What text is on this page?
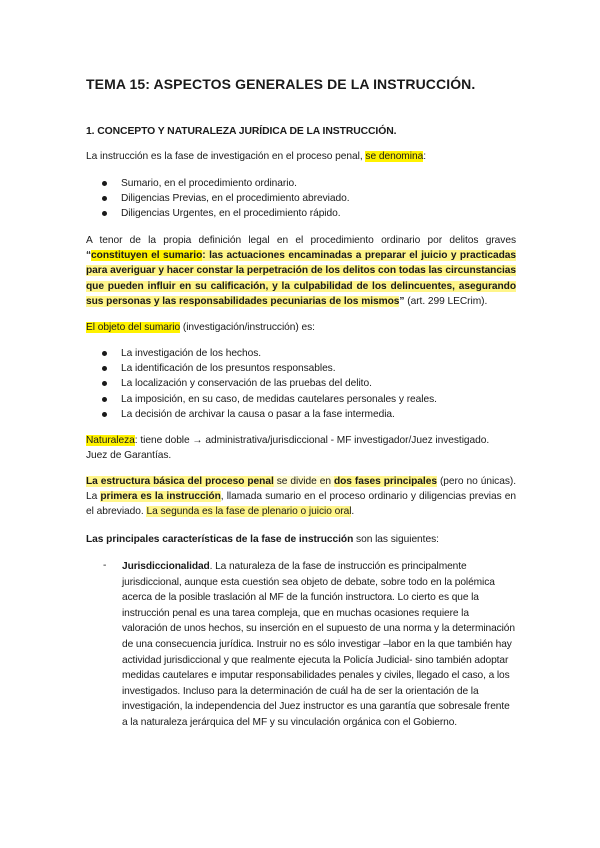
TEMA 15: ASPECTOS GENERALES DE LA INSTRUCCIÓN.
1. CONCEPTO Y NATURALEZA JURÍDICA DE LA INSTRUCCIÓN.
La instrucción es la fase de investigación en el proceso penal, se denomina:
Sumario, en el procedimiento ordinario.
Diligencias Previas, en el procedimiento abreviado.
Diligencias Urgentes, en el procedimiento rápido.
A tenor de la propia definición legal en el procedimiento ordinario por delitos graves “constituyen el sumario: las actuaciones encaminadas a preparar el juicio y practicadas para averiguar y hacer constar la perpetración de los delitos con todas las circunstancias que pueden influir en su calificación, y la culpabilidad de los delincuentes, asegurando sus personas y las responsabilidades pecuniarias de los mismos” (art. 299 LECrim).
El objeto del sumario (investigación/instrucción) es:
La investigación de los hechos.
La identificación de los presuntos responsables.
La localización y conservación de las pruebas del delito.
La imposición, en su caso, de medidas cautelares personales y reales.
La decisión de archivar la causa o pasar a la fase intermedia.
Naturaleza: tiene doble → administrativa/jurisdiccional - MF investigador/Juez investigado.
Juez de Garantías.
La estructura básica del proceso penal se divide en dos fases principales (pero no únicas). La primera es la instrucción, llamada sumario en el proceso ordinario y diligencias previas en el abreviado. La segunda es la fase de plenario o juicio oral.
Las principales características de la fase de instrucción son las siguientes:
- Jurisdiccionalidad. La naturaleza de la fase de instrucción es principalmente jurisdiccional, aunque esta cuestión sea objeto de debate, sobre todo en la polémica acerca de la posible traslación al MF de la función instructora. Lo cierto es que la instrucción penal es una tarea compleja, que en muchas ocasiones requiere la valoración de unos hechos, su inserción en el supuesto de una norma y la determinación de una consecuencia jurídica. Instruir no es sólo investigar –labor en la que también hay actividad jurisdiccional y que realmente ejecuta la Policía Judicial- sino también adoptar medidas cautelares e imputar responsabilidades penales y civiles, llegado el caso, a los investigados. Incluso para la determinación de cuál ha de ser la orientación de la investigación, la independencia del Juez instructor es una garantía que sobresale frente a la naturaleza jerárquica del MF y su vinculación orgánica con el Gobierno.
